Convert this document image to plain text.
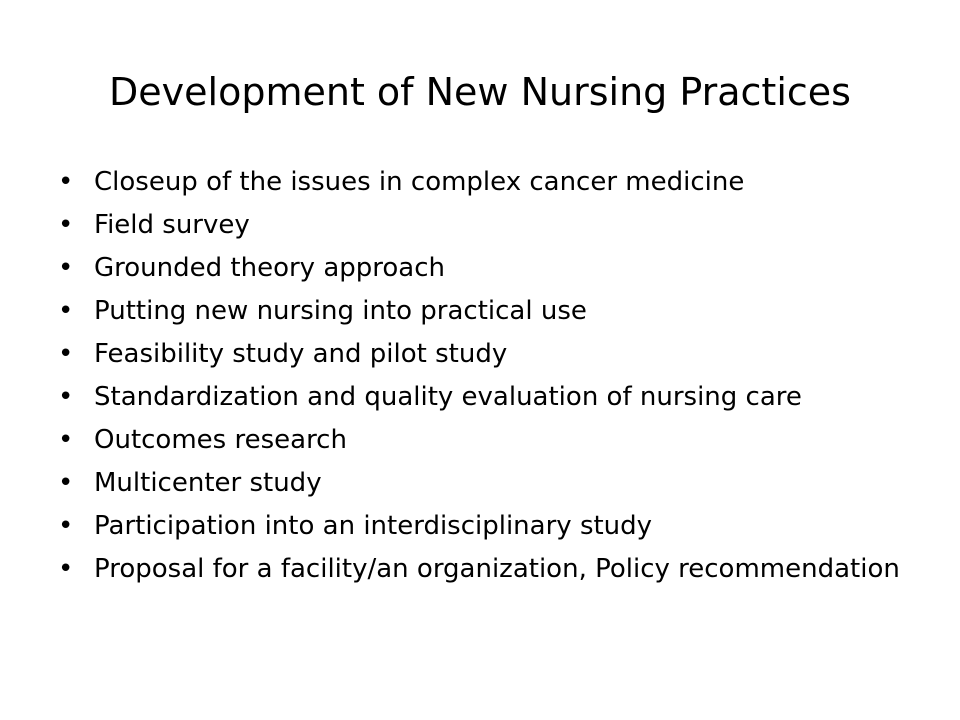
Development of New Nursing Practices
• Closeup of the issues in complex cancer medicine
• Field survey
• Grounded theory approach
• Putting new nursing into practical use
• Feasibility study and pilot study
• Standardization and quality evaluation of nursing care
• Outcomes research
• Multicenter study
• Participation into an interdisciplinary study
• Proposal for a facility/an organization, Policy recommendation
